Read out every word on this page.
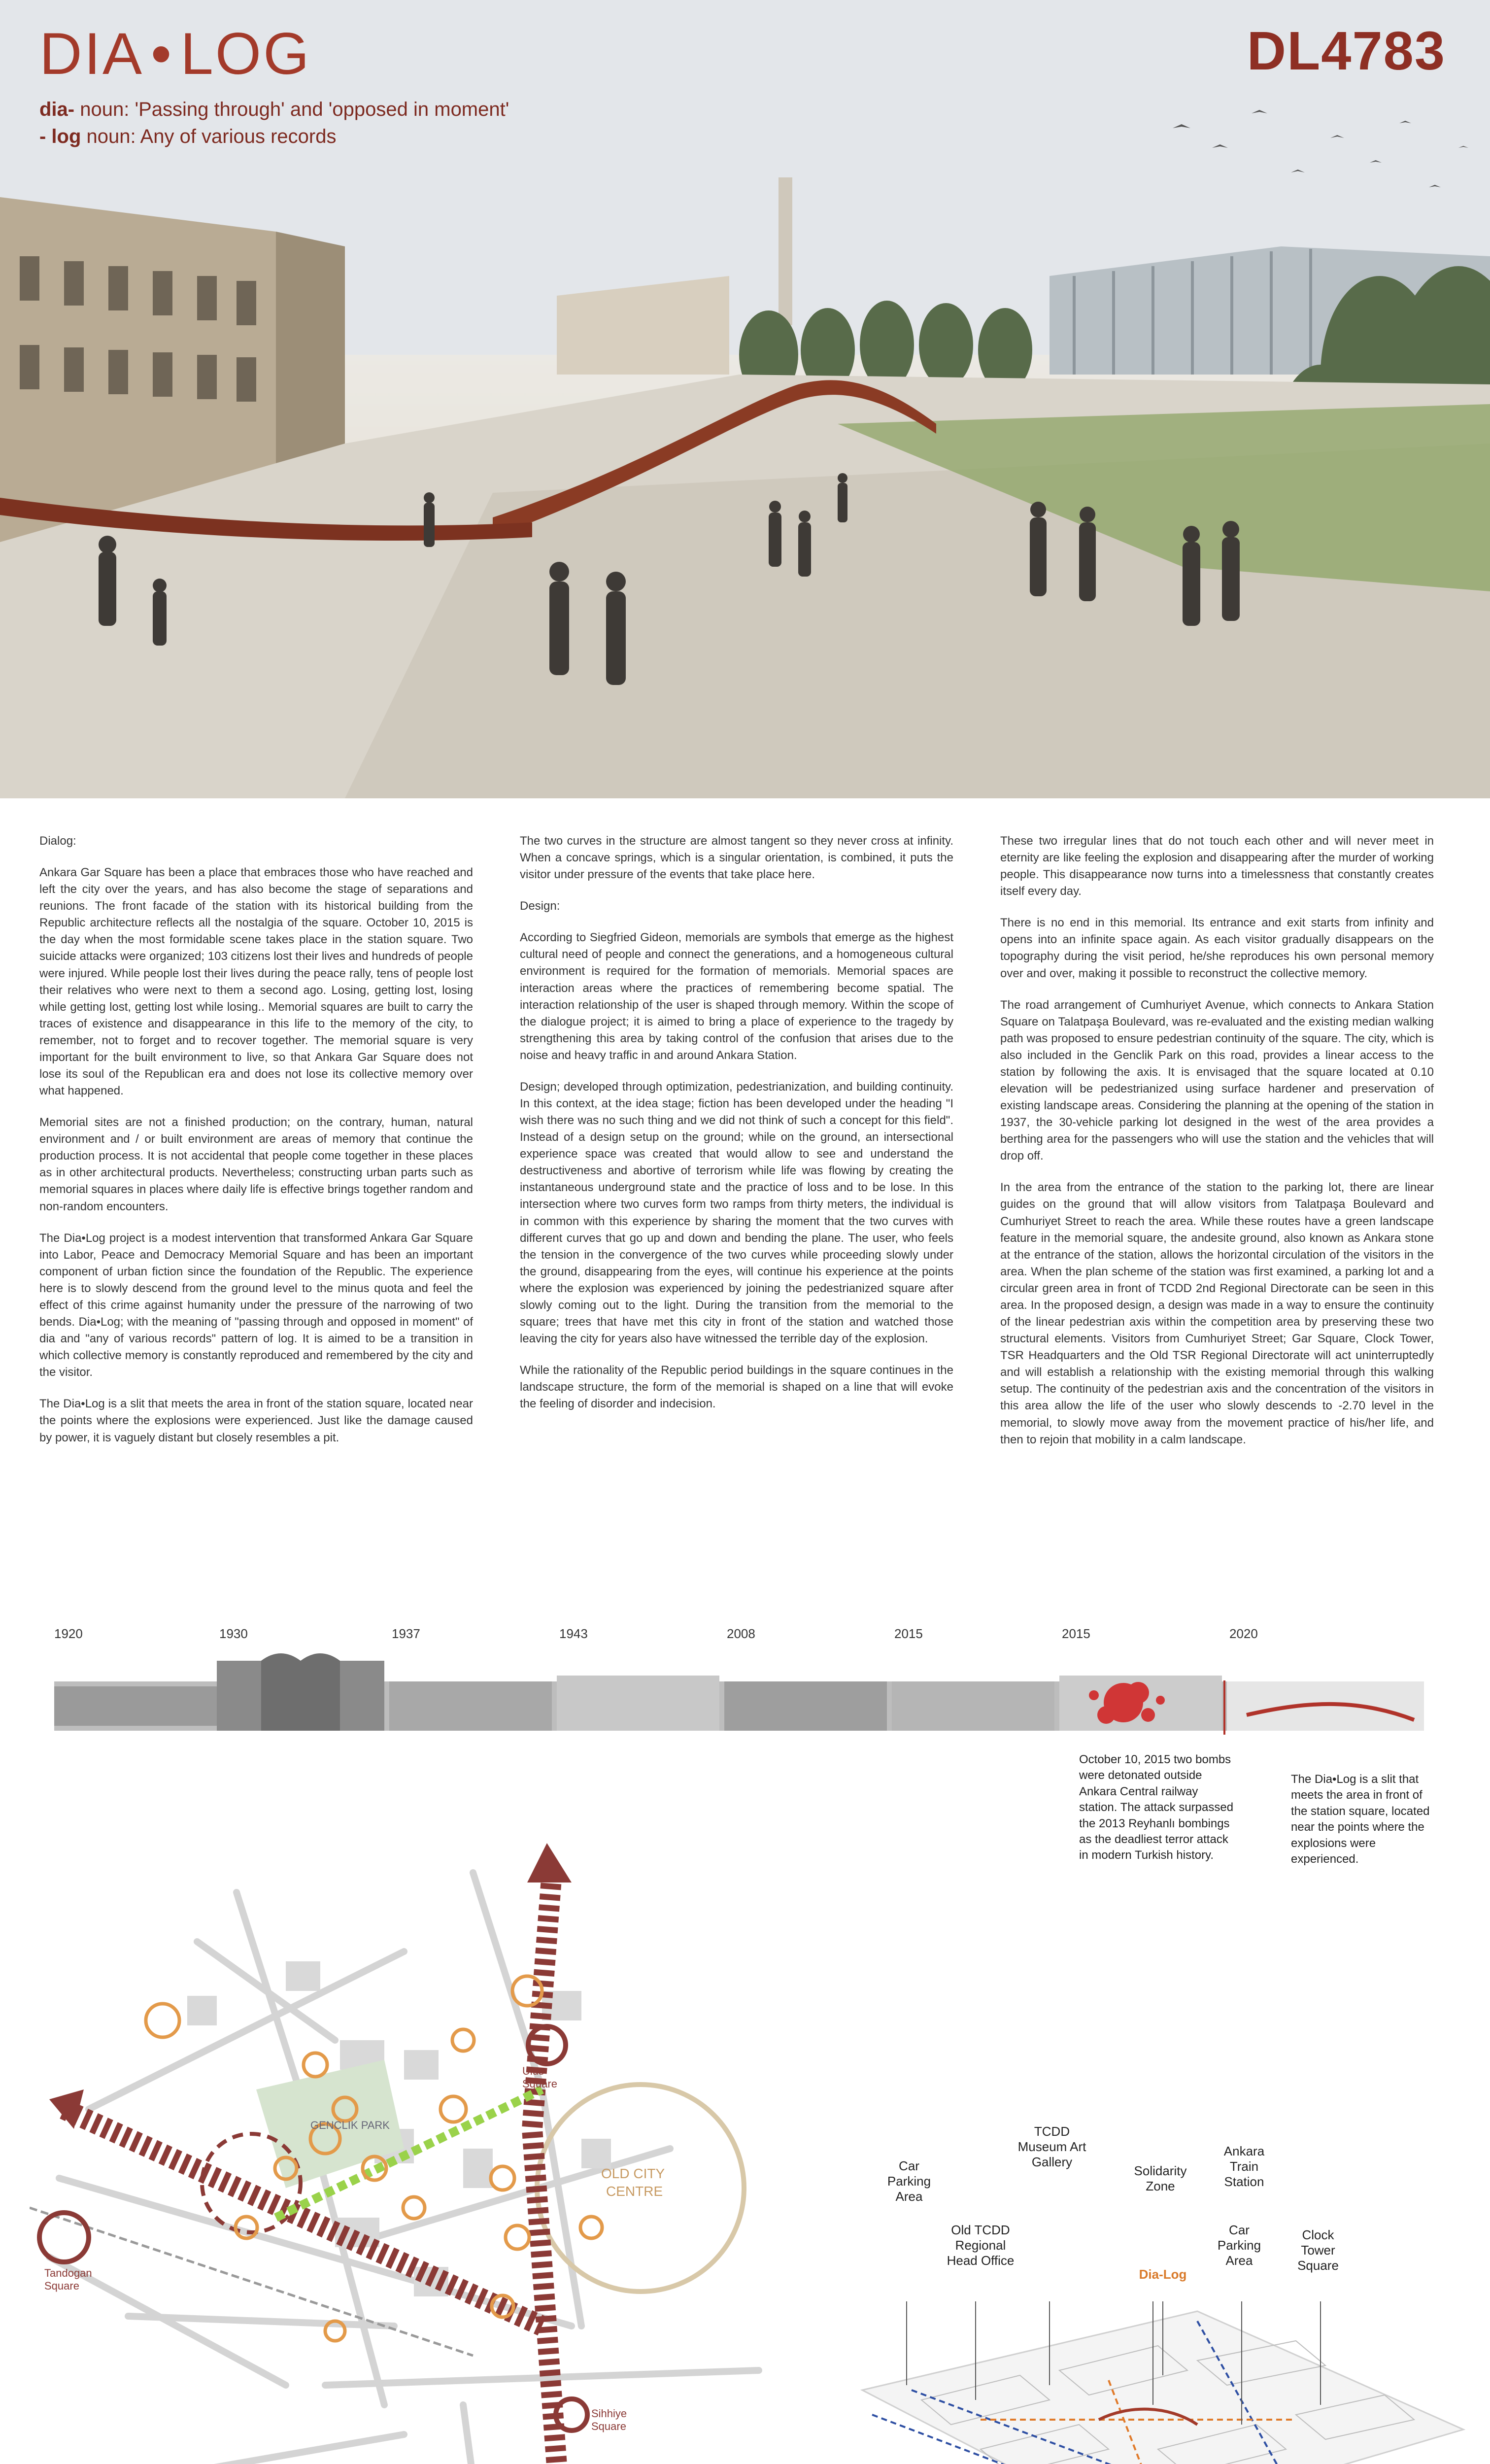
DIA • LOG	DL4783
dia- noun: 'Passing through' and 'opposed in moment'
- log noun: Any of various records

Dialog:

Ankara Gar Square has been a place that embraces those who have reached and left the city over the years, and has also become the stage of separations and reunions. The front facade of the station with its historical building from the Republic architecture reflects all the nostalgia of the square. October 10, 2015 is the day when the most formidable scene takes place in the station square. Two suicide attacks were organized; 103 citizens lost their lives and hundreds of people were injured. While people lost their lives during the peace rally, tens of people lost their relatives who were next to them a second ago. Losing, getting lost, losing while getting lost, getting lost while losing.. Memorial squares are built to carry the traces of existence and disappearance in this life to the memory of the city, to remember, not to forget and to recover together. The memorial square is very important for the built environment to live, so that Ankara Gar Square does not lose its soul of the Republican era and does not lose its collective memory over what happened.

Memorial sites are not a finished production; on the contrary, human, natural environment and / or built environment are areas of memory that continue the production process. It is not accidental that people come together in these places as in other architectural products. Nevertheless; constructing urban parts such as memorial squares in places where daily life is effective brings together random and non-random encounters.

The Dia•Log project is a modest intervention that transformed Ankara Gar Square into Labor, Peace and Democracy Memorial Square and has been an important component of urban fiction since the foundation of the Republic. The experience here is to slowly descend from the ground level to the minus quota and feel the effect of this crime against humanity under the pressure of the narrowing of two bends. Dia•Log; with the meaning of "passing through and opposed in moment" of dia and "any of various records" pattern of log. It is aimed to be a transition in which collective memory is constantly reproduced and remembered by the city and the visitor.

The Dia•Log is a slit that meets the area in front of the station square, located near the points where the explosions were experienced. Just like the damage caused by power, it is vaguely distant but closely resembles a pit.

The two curves in the structure are almost tangent so they never cross at infinity. When a concave springs, which is a singular orientation, is combined, it puts the visitor under pressure of the events that take place here.

Design:

According to Siegfried Gideon, memorials are symbols that emerge as the highest cultural need of people and connect the generations, and a homogeneous cultural environment is required for the formation of memorials. Memorial spaces are interaction areas where the practices of remembering become spatial. The interaction relationship of the user is shaped through memory. Within the scope of the dialogue project; it is aimed to bring a place of experience to the tragedy by strengthening this area by taking control of the confusion that arises due to the noise and heavy traffic in and around Ankara Station.

Design; developed through optimization, pedestrianization, and building continuity. In this context, at the idea stage; fiction has been developed under the heading "I wish there was no such thing and we did not think of such a concept for this field". Instead of a design setup on the ground; while on the ground, an intersectional experience space was created that would allow to see and understand the destructiveness and abortive of terrorism while life was flowing by creating the instantaneous underground state and the practice of loss and to be lose. In this intersection where two curves form two ramps from thirty meters, the individual is in common with this experience by sharing the moment that the two curves with different curves that go up and down and bending the plane. The user, who feels the tension in the convergence of the two curves while proceeding slowly under the ground, disappearing from the eyes, will continue his experience at the points where the explosion was experienced by joining the pedestrianized square after slowly coming out to the light. During the transition from the memorial to the square; trees that have met this city in front of the station and watched those leaving the city for years also have witnessed the terrible day of the explosion.

While the rationality of the Republic period buildings in the square continues in the landscape structure, the form of the memorial is shaped on a line that will evoke the feeling of disorder and indecision.

These two irregular lines that do not touch each other and will never meet in eternity are like feeling the explosion and disappearing after the murder of working people. This disappearance now turns into a timelessness that constantly creates itself every day.

There is no end in this memorial. Its entrance and exit starts from infinity and opens into an infinite space again. As each visitor gradually disappears on the topography during the visit period, he/she reproduces his own personal memory over and over, making it possible to reconstruct the collective memory.

The road arrangement of Cumhuriyet Avenue, which connects to Ankara Station Square on Talatpaşa Boulevard, was re-evaluated and the existing median walking path was proposed to ensure pedestrian continuity of the square. The city, which is also included in the Genclik Park on this road, provides a linear access to the station by following the axis. It is envisaged that the square located at 0.10 elevation will be pedestrianized using surface hardener and preservation of existing landscape areas. Considering the planning at the opening of the station in 1937, the 30-vehicle parking lot designed in the west of the area provides a berthing area for the passengers who will use the station and the vehicles that will drop off.

In the area from the entrance of the station to the parking lot, there are linear guides on the ground that will allow visitors from Talatpaşa Boulevard and Cumhuriyet Street to reach the area. While these routes have a green landscape feature in the memorial square, the andesite ground, also known as Ankara stone at the entrance of the station, allows the horizontal circulation of the visitors in the area. When the plan scheme of the station was first examined, a parking lot and a circular green area in front of TCDD 2nd Regional Directorate can be seen in this area. In the proposed design, a design was made in a way to ensure the continuity of the linear pedestrian axis within the competition area by preserving these two structural elements. Visitors from Cumhuriyet Street; Gar Square, Clock Tower, TSR Headquarters and the Old TSR Regional Directorate will act uninterruptedly and will establish a relationship with the existing memorial through this walking setup. The continuity of the pedestrian axis and the concentration of the visitors in this area allow the life of the user who slowly descends to -2.70 level in the memorial, to slowly move away from the movement practice of his/her life, and then to rejoin that mobility in a calm landscape.

1920	1930	1937	1943	2008	2015	2015	2020
October 10, 2015 two bombs were detonated outside Ankara Central railway station. The attack surpassed the 2013 Reyhanlı bombings as the deadliest terror attack in modern Turkish history.
The Dia•Log is a slit that meets the area in front of the station square, located near the points where the explosions were experienced.
OLD CITY
CENTRE
GENCLIK PARK
Ulus
Square
Sihhiye
Square
Tandogan
Square
Car Parking Area
Old TCDD Regional Head Office
TCDD Museum Art Gallery
Dia-Log
Solidarity Zone
Ankara Train Station
Car Parking Area
Clock Tower Square
